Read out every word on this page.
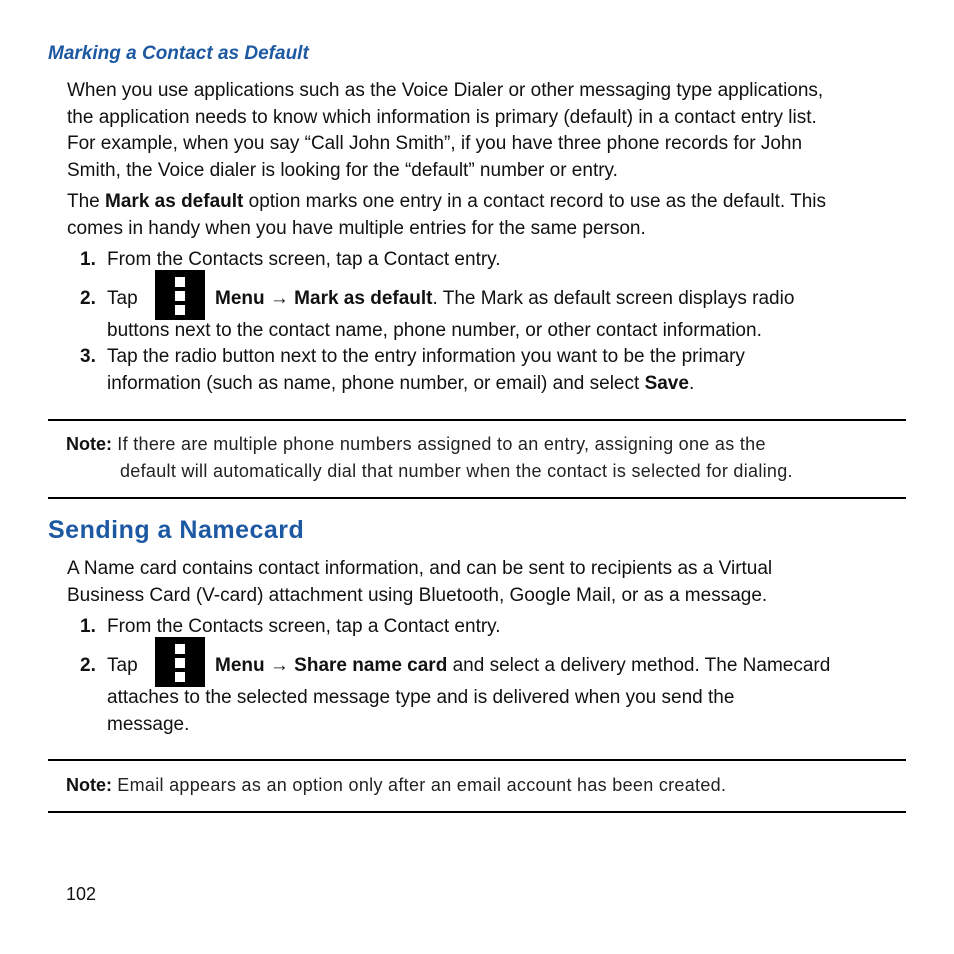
Marking a Contact as Default
When you use applications such as the Voice Dialer or other messaging type applications,
the application needs to know which information is primary (default) in a contact entry list.
For example, when you say “Call John Smith”, if you have three phone records for John
Smith, the Voice dialer is looking for the “default” number or entry.
The Mark as default option marks one entry in a contact record to use as the default. This
comes in handy when you have multiple entries for the same person.
1. From the Contacts screen, tap a Contact entry.
2. Tap	Menu → Mark as default. The Mark as default screen displays radio
buttons next to the contact name, phone number, or other contact information.
3. Tap the radio button next to the entry information you want to be the primary
information (such as name, phone number, or email) and select Save.
Note: If there are multiple phone numbers assigned to an entry, assigning one as the
default will automatically dial that number when the contact is selected for dialing.
Sending a Namecard
A Name card contains contact information, and can be sent to recipients as a Virtual
Business Card (V-card) attachment using Bluetooth, Google Mail, or as a message.
1. From the Contacts screen, tap a Contact entry.
2. Tap	Menu → Share name card and select a delivery method. The Namecard
attaches to the selected message type and is delivered when you send the
message.
Note: Email appears as an option only after an email account has been created.
102
